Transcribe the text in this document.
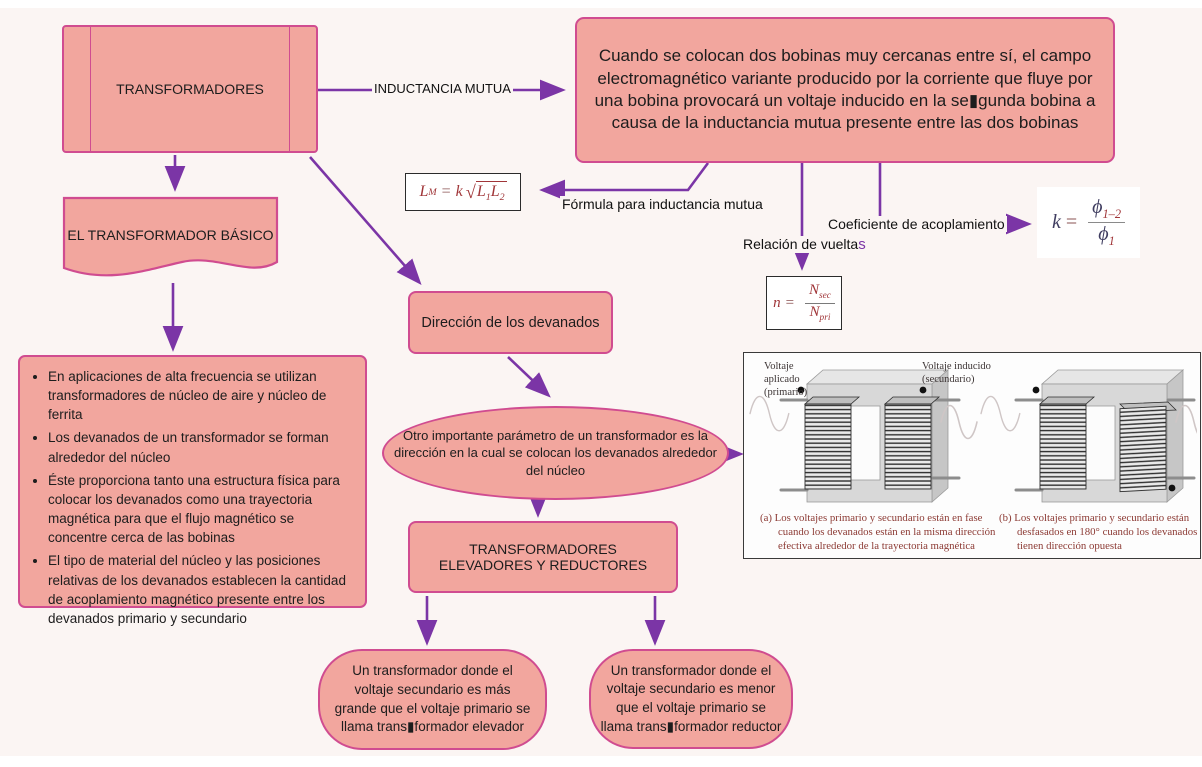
TRANSFORMADORES
Cuando se colocan dos bobinas muy cercanas entre sí, el campo electromagnético variante producido por la corriente que fluye por una bobina provocará un voltaje inducido en la se▮gunda bobina a causa de la inductancia mutua presente entre las dos bobinas
EL TRANSFORMADOR BÁSICO
• En aplicaciones de alta frecuencia se utilizan transformadores de núcleo de aire y núcleo de ferrita
• Los devanados de un transformador se forman alrededor del núcleo
• Éste proporciona tanto una estructura física para colocar los devanados como una trayectoria magnética para que el flujo magnético se concentre cerca de las bobinas
• El tipo de material del núcleo y las posiciones relativas de los devanados establecen la cantidad de acoplamiento magnético presente entre los devanados primario y secundario
Dirección de los devanados
Otro importante parámetro de un transformador es la dirección en la cual se colocan los devanados alrededor del núcleo
TRANSFORMADORES ELEVADORES Y REDUCTORES
Un transformador donde el voltaje secundario es más grande que el voltaje primario se llama trans▮formador elevador
Un transformador donde el voltaje secundario es menor que el voltaje primario se llama trans▮formador reductor
INDUCTANCIA MUTUA
Fórmula para inductancia mutua
Relación de vueltas
Coeficiente de acoplamiento
L M = k √ $L_1L_2$
$n = \frac{N_{sec}}{N_{pri}}$
$k = \frac{\phi_{1-2}}{\phi_1}$
Voltaje aplicado (primario)
Voltaje inducido (secundario)
(a) Los voltajes primario y secundario están en fase cuando los devanados están en la misma dirección efectiva alrededor de la trayectoria magnética
(b) Los voltajes primario y secundario están desfasados en 180° cuando los devanados tienen dirección opuesta
